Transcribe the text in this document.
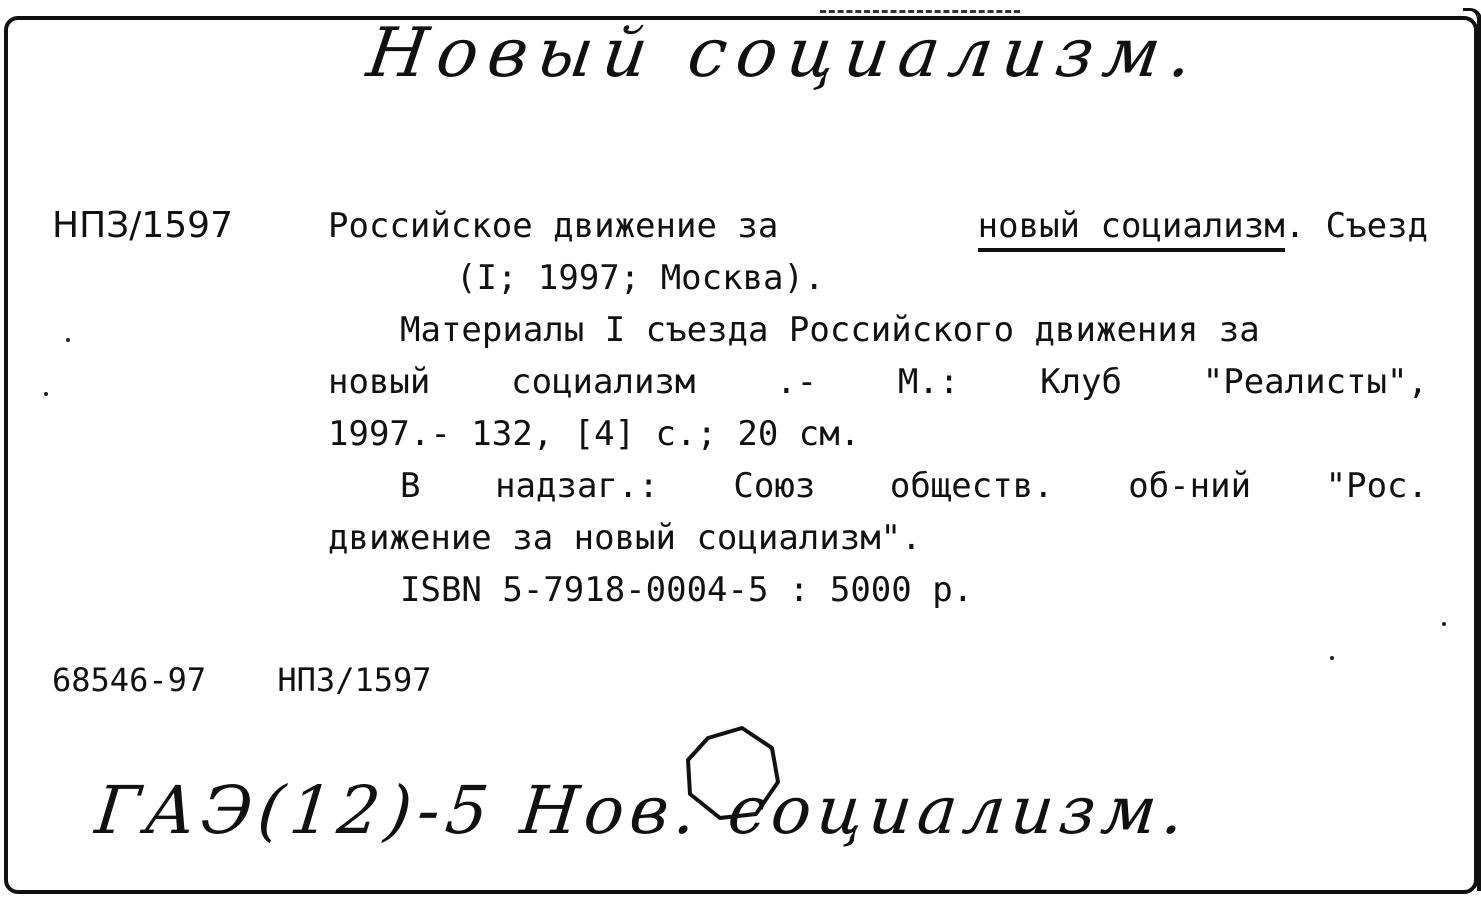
Новый социализм.
НПЗ/1597	Российское движение за	новый социализм. Съезд
(I; 1997; Москва).
Материалы I съезда Российского движения за
новый социализм .- М.: Клуб "Реалисты",
1997.- 132, [4] с.; 20 см.
В надзаг.: Союз обществ. об-ний "Рос.
движение за новый социализм".
ISBN 5-7918-0004-5 : 5000 р.
68546-97 НПЗ/1597
ГАЭ(12)-5 Нов. социализм.
